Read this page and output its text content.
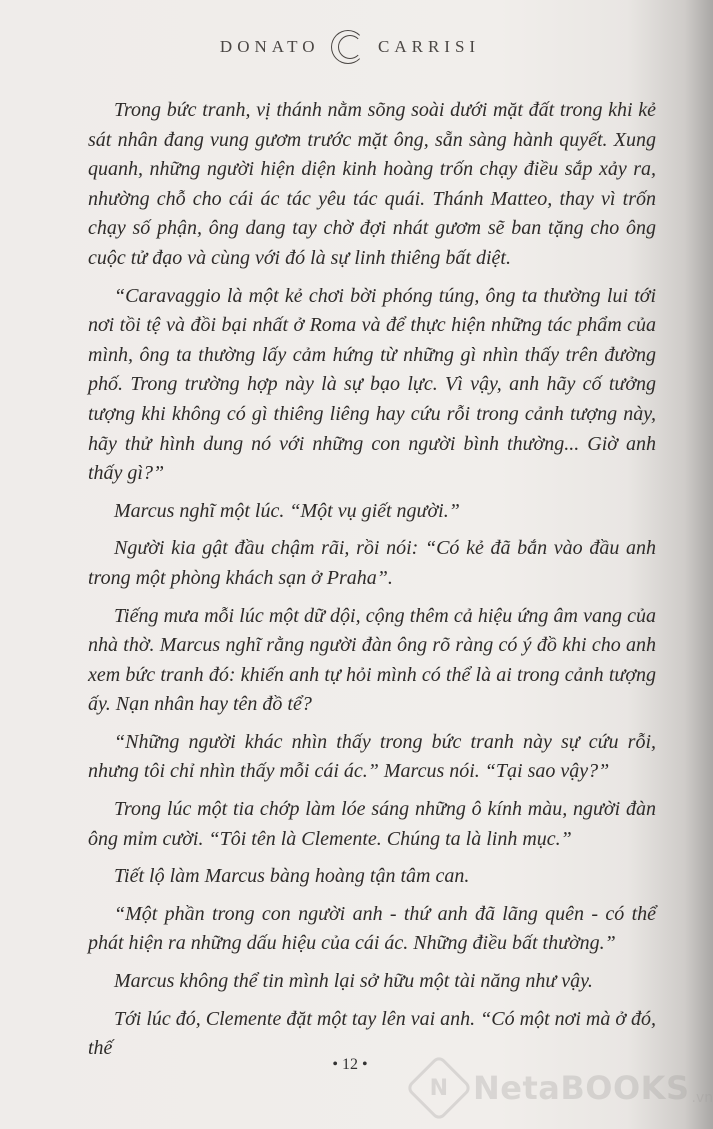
DONATO	CARRISI

Trong bức tranh, vị thánh nằm sõng soài dưới mặt đất trong khi kẻ sát nhân đang vung gươm trước mặt ông, sẵn sàng hành quyết. Xung quanh, những người hiện diện kinh hoàng trốn chạy điều sắp xảy ra, nhường chỗ cho cái ác tác yêu tác quái. Thánh Matteo, thay vì trốn chạy số phận, ông dang tay chờ đợi nhát gươm sẽ ban tặng cho ông cuộc tử đạo và cùng với đó là sự linh thiêng bất diệt.

“Caravaggio là một kẻ chơi bời phóng túng, ông ta thường lui tới nơi tồi tệ và đồi bại nhất ở Roma và để thực hiện những tác phẩm của mình, ông ta thường lấy cảm hứng từ những gì nhìn thấy trên đường phố. Trong trường hợp này là sự bạo lực. Vì vậy, anh hãy cố tưởng tượng khi không có gì thiêng liêng hay cứu rỗi trong cảnh tượng này, hãy thử hình dung nó với những con người bình thường... Giờ anh thấy gì?”

Marcus nghĩ một lúc. “Một vụ giết người.”

Người kia gật đầu chậm rãi, rồi nói: “Có kẻ đã bắn vào đầu anh trong một phòng khách sạn ở Praha”.

Tiếng mưa mỗi lúc một dữ dội, cộng thêm cả hiệu ứng âm vang của nhà thờ. Marcus nghĩ rằng người đàn ông rõ ràng có ý đồ khi cho anh xem bức tranh đó: khiến anh tự hỏi mình có thể là ai trong cảnh tượng ấy. Nạn nhân hay tên đồ tể?

“Những người khác nhìn thấy trong bức tranh này sự cứu rỗi, nhưng tôi chỉ nhìn thấy mỗi cái ác.” Marcus nói. “Tại sao vậy?”

Trong lúc một tia chớp làm lóe sáng những ô kính màu, người đàn ông mỉm cười. “Tôi tên là Clemente. Chúng ta là linh mục.”

Tiết lộ làm Marcus bàng hoàng tận tâm can.

“Một phần trong con người anh - thứ anh đã lãng quên - có thể phát hiện ra những dấu hiệu của cái ác. Những điều bất thường.”

Marcus không thể tin mình lại sở hữu một tài năng như vậy.

Tới lúc đó, Clemente đặt một tay lên vai anh. “Có một nơi mà ở đó, thế

• 12 •
N NetaBOOKS .vn
